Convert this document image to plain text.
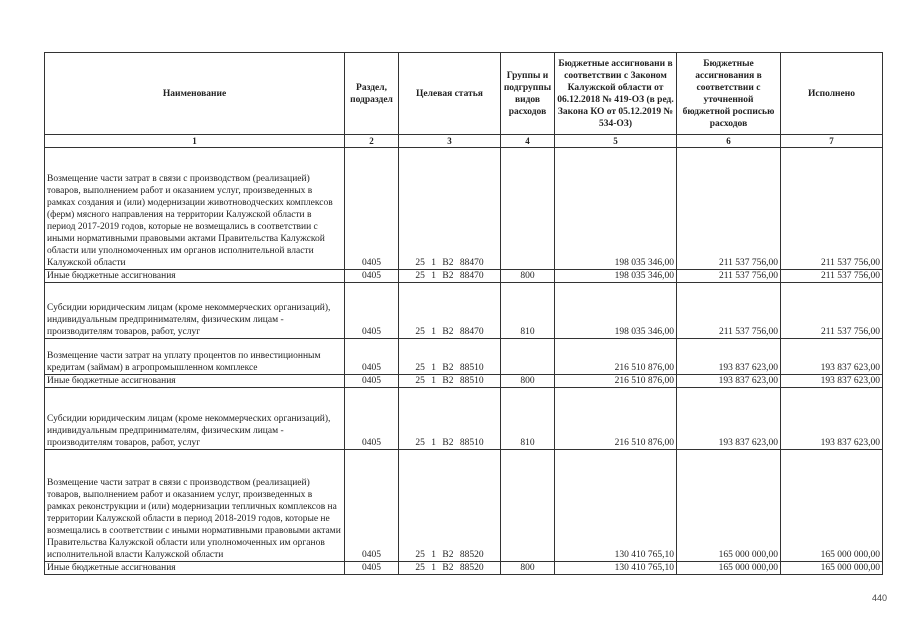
Наименование	Раздел, подраздел	Целевая статья	Группы и подгруппы видов расходов	Бюджетные ассигновани в соответствии с Законом Калужской области от 06.12.2018 № 419-ОЗ (в ред. Закона КО от 05.12.2019 № 534-ОЗ)	Бюджетные ассигнования в соответствии с уточненной бюджетной росписью расходов	Исполнено
1	2	3	4	5	6	7
Возмещение части затрат в связи с производством (реализацией) товаров, выполнением работ и оказанием услуг, произведенных в рамках создания и (или) модернизации животноводческих комплексов (ферм) мясного направления на территории Калужской области в период 2017-2019 годов, которые не возмещались в соответствии с иными нормативными правовыми актами Правительства Калужской области или уполномоченных им органов исполнительной власти Калужской области	0405	25 1 В2 88470		198 035 346,00	211 537 756,00	211 537 756,00
Иные бюджетные ассигнования	0405	25 1 В2 88470	800	198 035 346,00	211 537 756,00	211 537 756,00
Субсидии юридическим лицам (кроме некоммерческих организаций), индивидуальным предпринимателям, физическим лицам - производителям товаров, работ, услуг	0405	25 1 В2 88470	810	198 035 346,00	211 537 756,00	211 537 756,00
Возмещение части затрат на уплату процентов по инвестиционным кредитам (займам) в агропромышленном комплексе	0405	25 1 В2 88510		216 510 876,00	193 837 623,00	193 837 623,00
Иные бюджетные ассигнования	0405	25 1 В2 88510	800	216 510 876,00	193 837 623,00	193 837 623,00
Субсидии юридическим лицам (кроме некоммерческих организаций), индивидуальным предпринимателям, физическим лицам - производителям товаров, работ, услуг	0405	25 1 В2 88510	810	216 510 876,00	193 837 623,00	193 837 623,00
Возмещение части затрат в связи с производством (реализацией) товаров, выполнением работ и оказанием услуг, произведенных в рамках реконструкции и (или) модернизации тепличных комплексов на территории Калужской области в период 2018-2019 годов, которые не возмещались в соответствии с иными нормативными правовыми актами Правительства Калужской области или уполномоченных им органов исполнительной власти Калужской области	0405	25 1 В2 88520		130 410 765,10	165 000 000,00	165 000 000,00
Иные бюджетные ассигнования	0405	25 1 В2 88520	800	130 410 765,10	165 000 000,00	165 000 000,00
440
